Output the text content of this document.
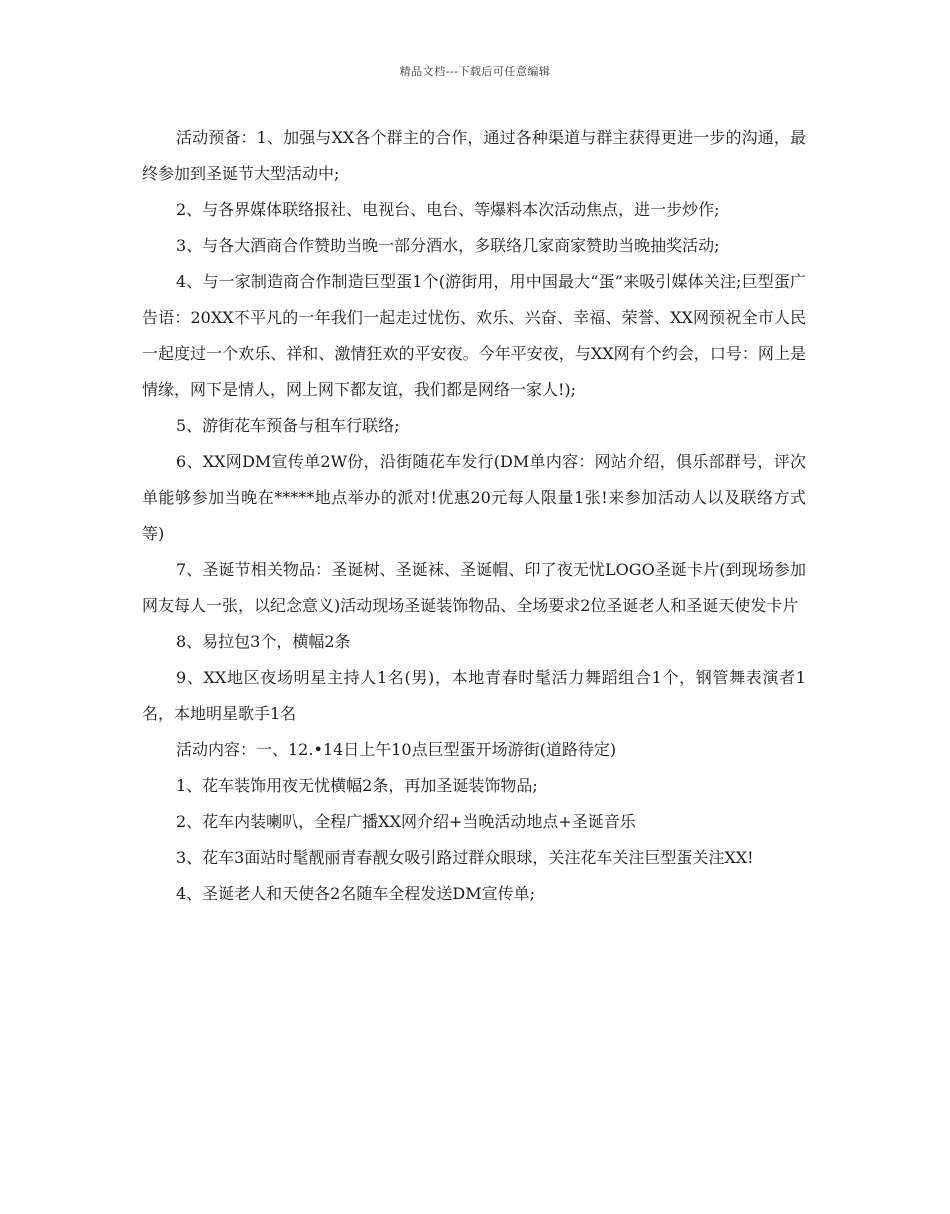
精品文档---下载后可任意编辑

活动预备：1、加强与XX各个群主的合作，通过各种渠道与群主获得更进一步的沟通，最终参加到圣诞节大型活动中;

2、与各界媒体联络报社、电视台、电台、等爆料本次活动焦点，进一步炒作;

3、与各大酒商合作赞助当晚一部分酒水，多联络几家商家赞助当晚抽奖活动;

4、与一家制造商合作制造巨型蛋1个(游街用，用中国最大“蛋”来吸引媒体关注;巨型蛋广告语：20XX不平凡的一年我们一起走过忧伤、欢乐、兴奋、幸福、荣誉、XX网预祝全市人民一起度过一个欢乐、祥和、激情狂欢的平安夜。今年平安夜，与XX网有个约会，口号：网上是情缘，网下是情人，网上网下都友谊，我们都是网络一家人!);

5、游街花车预备与租车行联络;

6、XX网DM宣传单2W份，沿街随花车发行(DM单内容：网站介绍，俱乐部群号，评次单能够参加当晚在*****地点举办的派对!优惠20元每人限量1张!来参加活动人以及联络方式等)

7、圣诞节相关物品：圣诞树、圣诞袜、圣诞帽、印了夜无忧LOGO圣诞卡片(到现场参加网友每人一张，以纪念意义)活动现场圣诞装饰物品、全场要求2位圣诞老人和圣诞天使发卡片

8、易拉包3个，横幅2条

9、XX地区夜场明星主持人1名(男)，本地青春时髦活力舞蹈组合1个，钢管舞表演者1名，本地明星歌手1名

活动内容：一、12.•14日上午10点巨型蛋开场游街(道路待定)

1、花车装饰用夜无忧横幅2条，再加圣诞装饰物品;

2、花车内装喇叭，全程广播XX网介绍+当晚活动地点+圣诞音乐

3、花车3面站时髦靓丽青春靓女吸引路过群众眼球，关注花车关注巨型蛋关注XX!

4、圣诞老人和天使各2名随车全程发送DM宣传单;
